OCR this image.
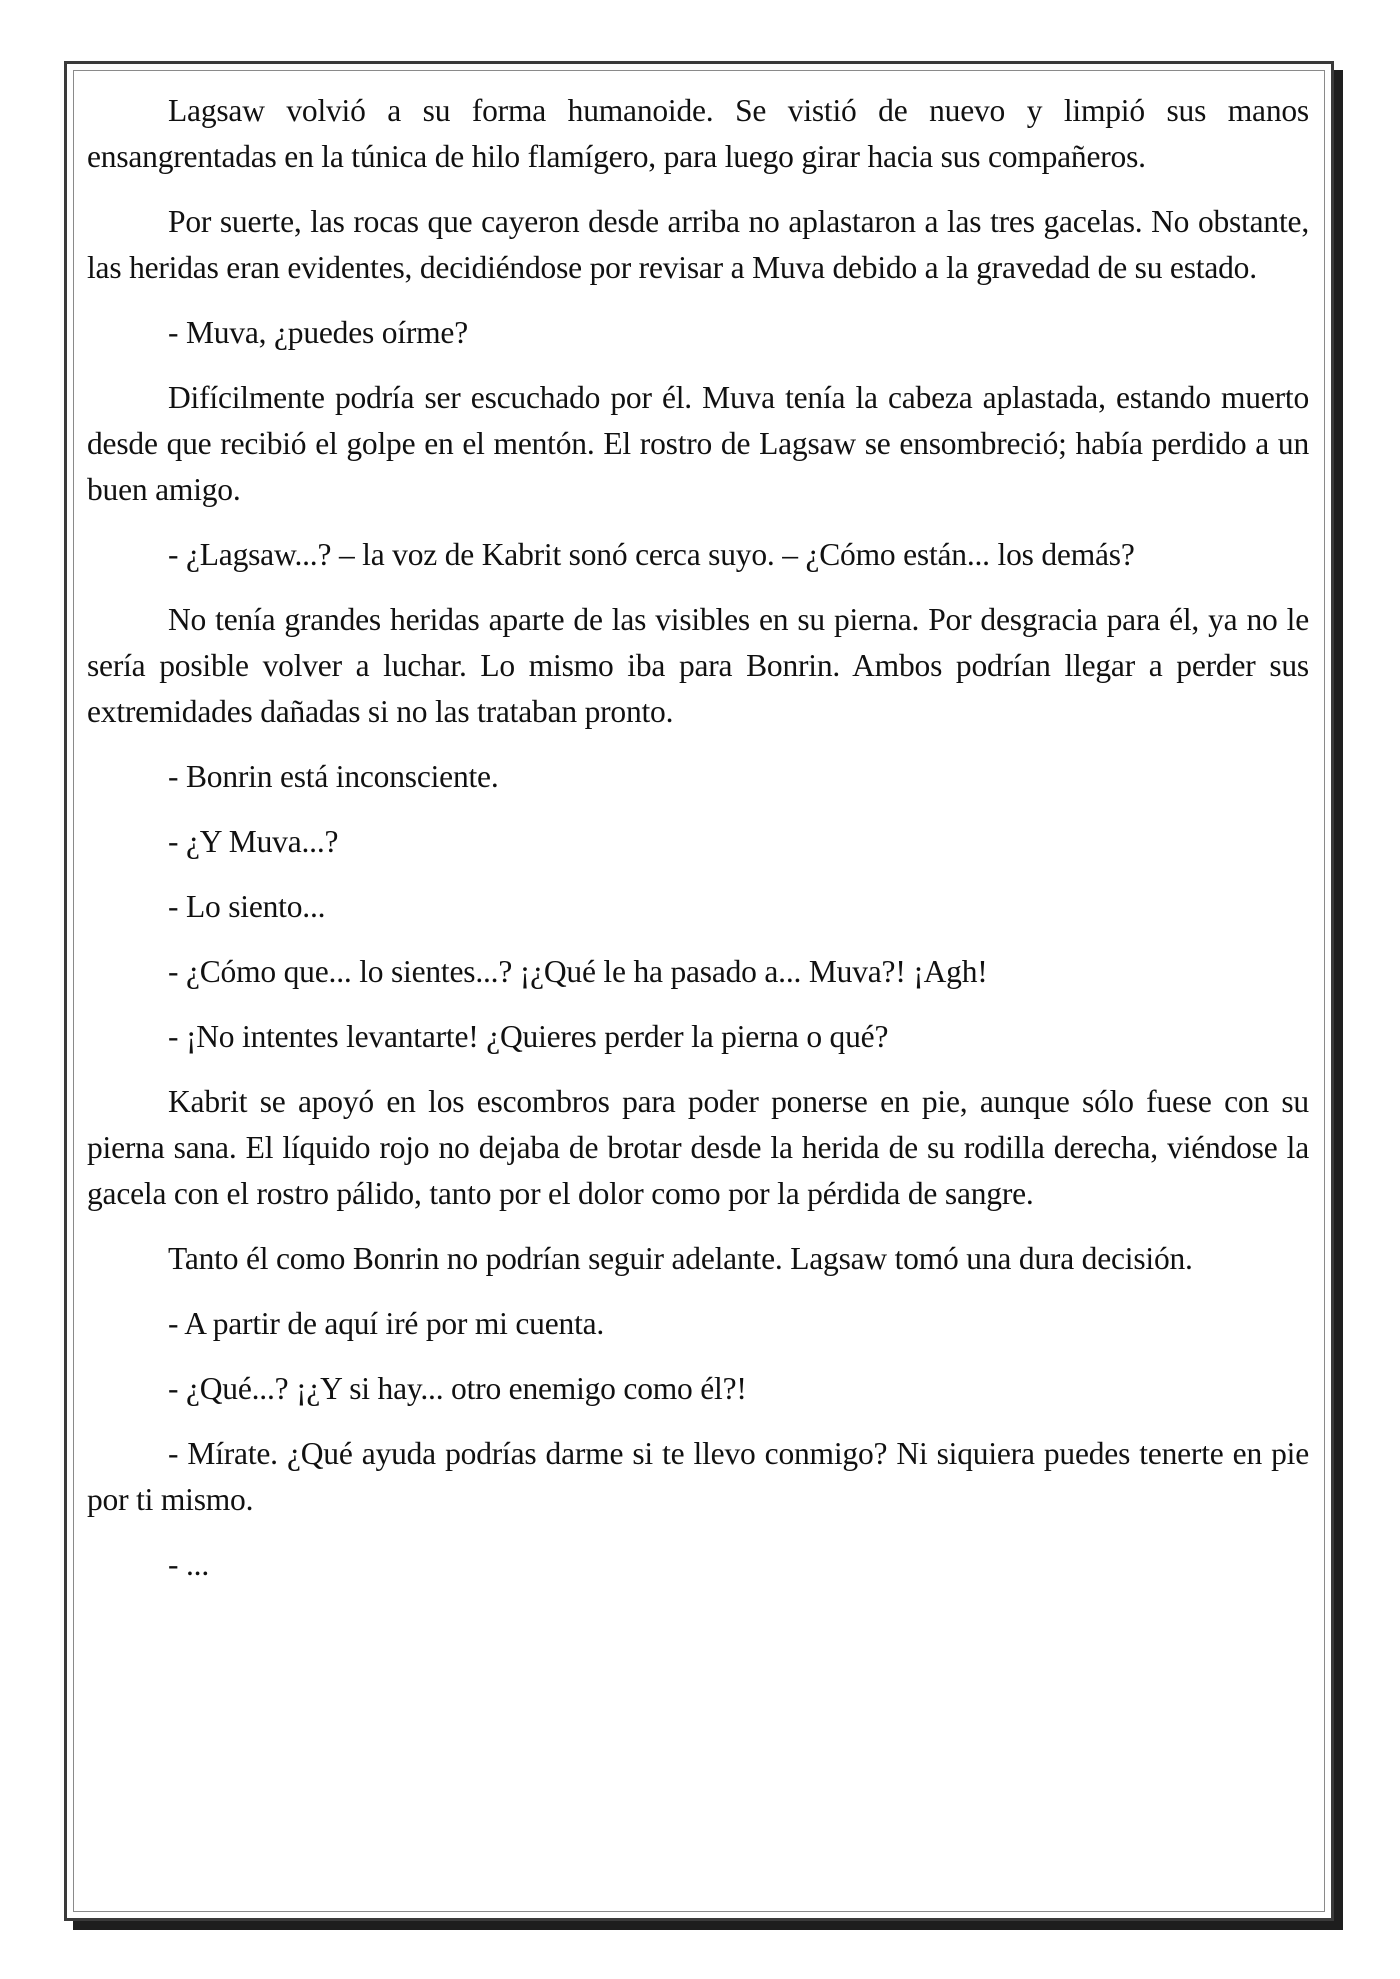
Lagsaw volvió a su forma humanoide. Se vistió de nuevo y limpió sus manos ensangrentadas en la túnica de hilo flamígero, para luego girar hacia sus compañeros.

Por suerte, las rocas que cayeron desde arriba no aplastaron a las tres gacelas. No obstante, las heridas eran evidentes, decidiéndose por revisar a Muva debido a la gravedad de su estado.

- Muva, ¿puedes oírme?

Difícilmente podría ser escuchado por él. Muva tenía la cabeza aplastada, estando muerto desde que recibió el golpe en el mentón. El rostro de Lagsaw se ensombreció; había perdido a un buen amigo.

- ¿Lagsaw...? – la voz de Kabrit sonó cerca suyo. – ¿Cómo están... los demás?

No tenía grandes heridas aparte de las visibles en su pierna. Por desgracia para él, ya no le sería posible volver a luchar. Lo mismo iba para Bonrin. Ambos podrían llegar a perder sus extremidades dañadas si no las trataban pronto.

- Bonrin está inconsciente.

- ¿Y Muva...?

- Lo siento...

- ¿Cómo que... lo sientes...? ¡¿Qué le ha pasado a... Muva?! ¡Agh!

- ¡No intentes levantarte! ¿Quieres perder la pierna o qué?

Kabrit se apoyó en los escombros para poder ponerse en pie, aunque sólo fuese con su pierna sana. El líquido rojo no dejaba de brotar desde la herida de su rodilla derecha, viéndose la gacela con el rostro pálido, tanto por el dolor como por la pérdida de sangre.

Tanto él como Bonrin no podrían seguir adelante. Lagsaw tomó una dura decisión.

- A partir de aquí iré por mi cuenta.

- ¿Qué...? ¡¿Y si hay... otro enemigo como él?!

- Mírate. ¿Qué ayuda podrías darme si te llevo conmigo? Ni siquiera puedes tenerte en pie por ti mismo.

- ...
